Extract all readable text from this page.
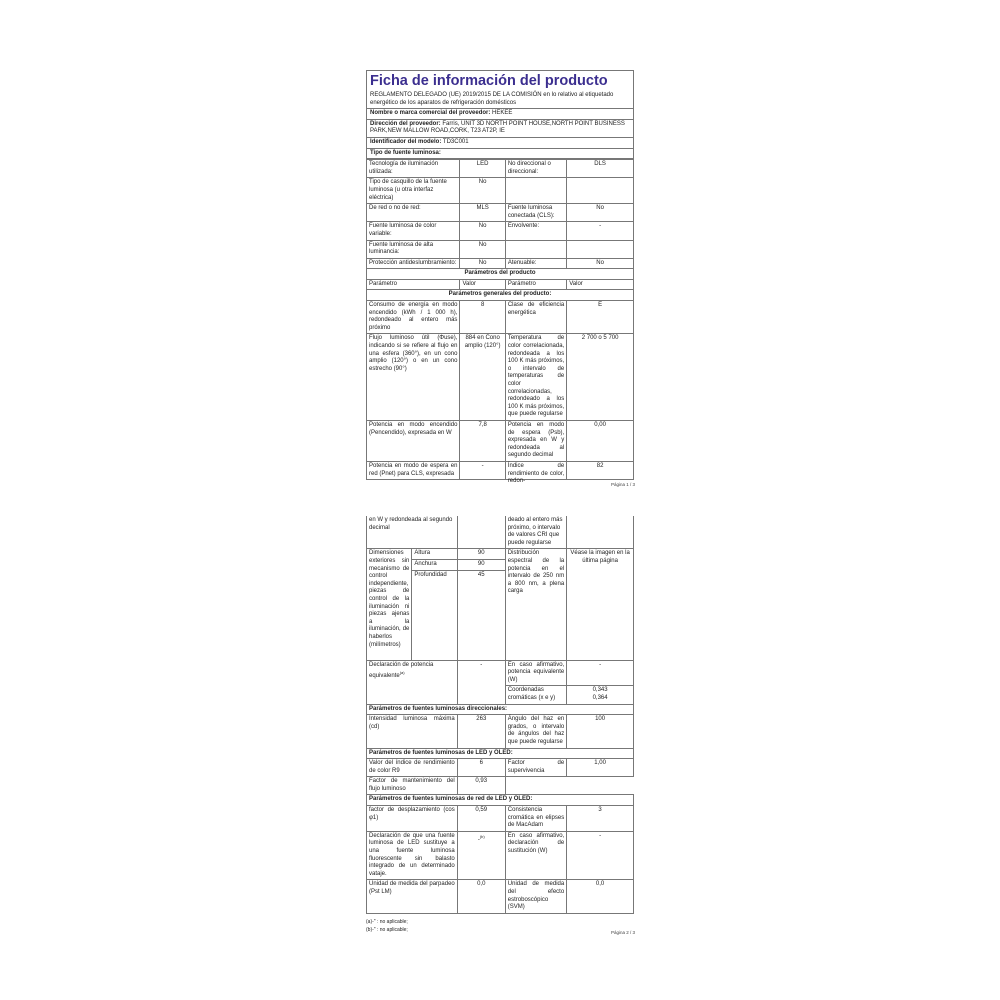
Ficha de información del producto
REGLAMENTO DELEGADO (UE) 2019/2015 DE LA COMISIÓN en lo relativo al etiquetado energético de los aparatos de refrigeración domésticos
Nombre o marca comercial del proveedor: HEKEE
Dirección del proveedor: Farris, UNIT 3D NORTH POINT HOUSE,NORTH POINT BUSINESS PARK,NEW MALLOW ROAD,CORK, T23 AT2P, IE
Identificador del modelo: TD3C001
Tipo de fuente luminosa:
Tecnología de iluminación utilizada:	LED	No direccional o direccional:	DLS
Tipo de casquillo de la fuente luminosa (u otra interfaz eléctrica)	No		
De red o no de red:	MLS	Fuente luminosa conectada (CLS):	No
Fuente luminosa de color variable:	No	Envolvente:	-
Fuente luminosa de alta luminancia:	No		
Protección antideslumbramiento:	No	Atenuable:	No
Parámetros del producto			
Parámetro	Valor	Parámetro	Valor
Parámetros generales del producto:			
Consumo de energía en modo encendido (kWh / 1 000 h), redondeado al entero más próximo	8	Clase de eficiencia energética	E
Flujo luminoso útil (Φuse), indicando si se refiere al flujo en una esfera (360°), en un cono amplio (120°) o en un cono estrecho (90°)	884 en Cono amplio (120°)	Temperatura de color correlacionada, redondeada a los 100 K más próximos, o intervalo de temperaturas de color correlacionadas, redondeado a los 100 K más próximos, que puede regularse	2 700 o 5 700
Potencia en modo encendido (Pencendido), expresada en W	7,8	Potencia en modo de espera (Psb), expresada en W y redondeada al segundo decimal	0,00

Potencia en modo de espera en red (Pnet) para CLS, expresada	-	Índice de rendimiento de color, redon-	82
Página 1 / 3
en W y redondeada al segundo decimal			deado al entero más próximo, o intervalo de valores CRI que puede regularse	
Dimensiones exteriores sin mecanismo de control independiente, piezas de control de la iluminación ni piezas ajenas a la iluminación, de haberlos (milímetros)	Altura	90	Distribución espectral de la potencia en el intervalo de 250 nm a 800 nm, a plena carga	Véase la imagen en la última página
	Anchura	90		
	Profundidad	45		
Declaración de potencia equivalente$^{(a)}$		-	En caso afirmativo, potencia equivalente (W)	-
			Coordenadas cromáticas (x e y)	0,343
0,364

Parámetros de fuentes luminosas direccionales:				
Intensidad luminosa máxima (cd)		263	Ángulo del haz en grados, o intervalo de ángulos del haz que puede regularse	100
Parámetros de fuentes luminosas de LED y OLED:				
Valor del índice de rendimiento de color R9		6	Factor de supervivencia	1,00
Factor de mantenimiento del flujo luminoso		0,93		
Parámetros de fuentes luminosas de red de LED y OLED:				
factor de desplazamiento (cos φ1)		0,59	Consistencia cromática en elipses de MacAdam	3
Declaración de que una fuente luminosa de LED sustituye a una fuente luminosa fluorescente sin balasto integrado de un determinado vataje.		-$^{(b)}$	En caso afirmativo, declaración de sustitución (W)	-
Unidad de medida del parpadeo (Pst LM)		0,0	Unidad de medida del efecto estroboscópico (SVM)	0,0
(a)-" : no aplicable;
(b)-" : no aplicable;	Página 2 / 3
